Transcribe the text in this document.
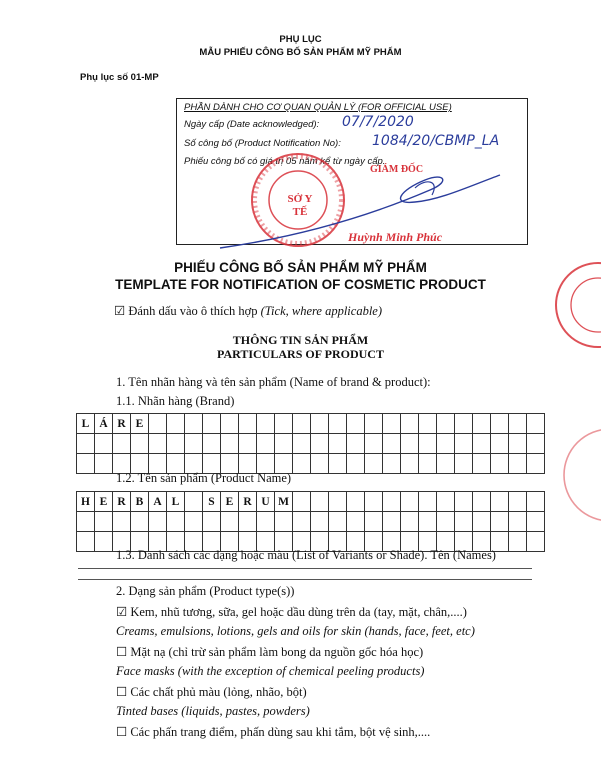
PHỤ LỤC
MẪU PHIẾU CÔNG BỐ SẢN PHẨM MỸ PHẨM
Phụ lục số 01-MP
PHẦN DÀNH CHO CƠ QUAN QUẢN LÝ (FOR OFFICIAL USE)
Ngày cấp (Date acknowledged): 07/7/2020
Số công bố (Product Notification No): 1084/20/CBMP_LA
Phiếu công bố có giá trị 05 năm kể từ ngày cấp.
SỞ Y TẾ
GIÁM ĐỐC
Huỳnh Minh Phúc
PHIẾU CÔNG BỐ SẢN PHẨM MỸ PHẨM
TEMPLATE FOR NOTIFICATION OF COSMETIC PRODUCT
☑ Đánh dấu vào ô thích hợp (Tick, where applicable)
THÔNG TIN SẢN PHẨM
PARTICULARS OF PRODUCT
1. Tên nhãn hàng và tên sản phẩm (Name of brand & product):
1.1. Nhãn hàng (Brand)
L	Á	R	E																						

1.2. Tên sản phẩm (Product Name)
H	E	R	B	A	L		S	E	R	U	M														

1.3. Danh sách các dạng hoặc màu (List of Variants or Shade). Tên (Names)
2. Dạng sản phẩm (Product type(s))
☑ Kem, nhũ tương, sữa, gel hoặc dầu dùng trên da (tay, mặt, chân,....)
Creams, emulsions, lotions, gels and oils for skin (hands, face, feet, etc)
☐ Mặt nạ (chỉ trừ sản phẩm làm bong da nguồn gốc hóa học)
Face masks (with the exception of chemical peeling products)
☐ Các chất phủ màu (lỏng, nhão, bột)
Tinted bases (liquids, pastes, powders)
☐ Các phấn trang điểm, phấn dùng sau khi tắm, bột vệ sinh,....
